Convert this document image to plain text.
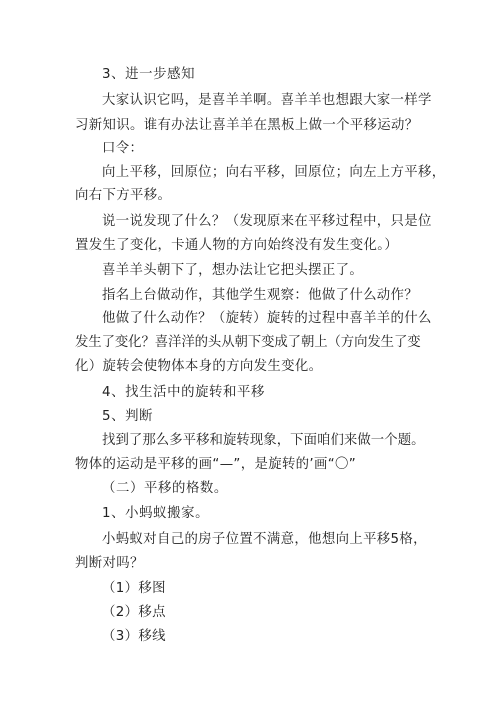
3、进一步感知
大家认识它吗，是喜羊羊啊。喜羊羊也想跟大家一样学
习新知识。谁有办法让喜羊羊在黑板上做一个平移运动？
口令：
向上平移，回原位；向右平移，回原位；向左上方平移，
向右下方平移。
说一说发现了什么？（发现原来在平移过程中，只是位
置发生了变化，卡通人物的方向始终没有发生变化。）
喜羊羊头朝下了，想办法让它把头摆正了。
指名上台做动作，其他学生观察：他做了什么动作？
他做了什么动作？（旋转）旋转的过程中喜羊羊的什么
发生了变化？喜洋洋的头从朝下变成了朝上（方向发生了变
化）旋转会使物体本身的方向发生变化。
4、找生活中的旋转和平移
5、判断
找到了那么多平移和旋转现象，下面咱们来做一个题。
物体的运动是平移的画“—”，是旋转的’画“〇”
（二）平移的格数。
1、小蚂蚁搬家。
小蚂蚁对自己的房子位置不满意，他想向上平移5格，
判断对吗？
（1）移图
（2）移点
（3）移线
